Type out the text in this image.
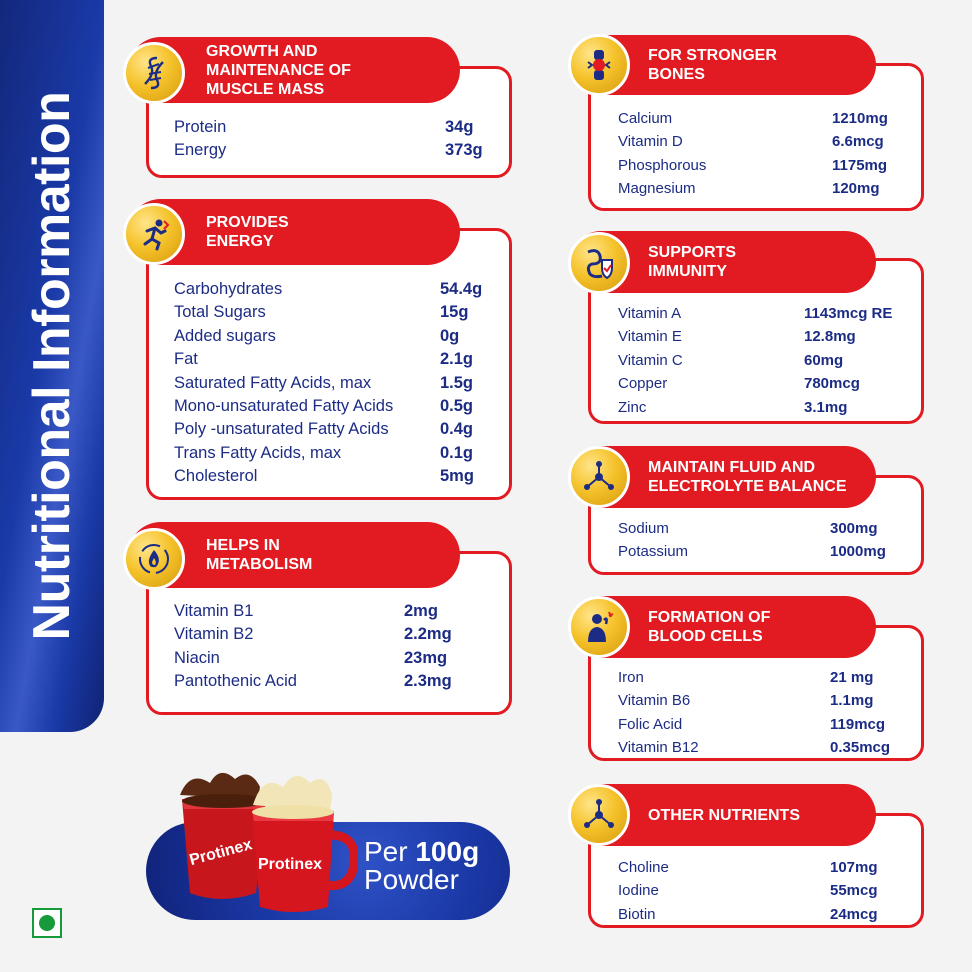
Nutritional Information
GROWTH AND
MAINTENANCE OF
MUSCLE MASS
Protein	34g
Energy	373g
PROVIDES
ENERGY
Carbohydrates	54.4g
Total Sugars	15g
Added sugars	0g
Fat	2.1g
Saturated Fatty Acids, max	1.5g
Mono-unsaturated Fatty Acids	0.5g
Poly -unsaturated Fatty Acids	0.4g
Trans Fatty Acids, max	0.1g
Cholesterol	5mg
HELPS IN
METABOLISM
Vitamin B1	2mg
Vitamin B2	2.2mg
Niacin	23mg
Pantothenic Acid	2.3mg
FOR STRONGER
BONES
Calcium	1210mg
Vitamin D	6.6mcg
Phosphorous	1175mg
Magnesium	120mg
SUPPORTS
IMMUNITY
Vitamin A	1143mcg RE
Vitamin E	12.8mg
Vitamin C	60mg
Copper	780mcg
Zinc	3.1mg
MAINTAIN FLUID AND
ELECTROLYTE BALANCE
Sodium	300mg
Potassium	1000mg
FORMATION OF
BLOOD CELLS
Iron	21 mg
Vitamin B6	1.1mg
Folic Acid	119mcg
Vitamin B12	0.35mcg
OTHER NUTRIENTS
Choline	107mg
Iodine	55mcg
Biotin	24mcg
Protinex Protinex Per 100g
Powder
